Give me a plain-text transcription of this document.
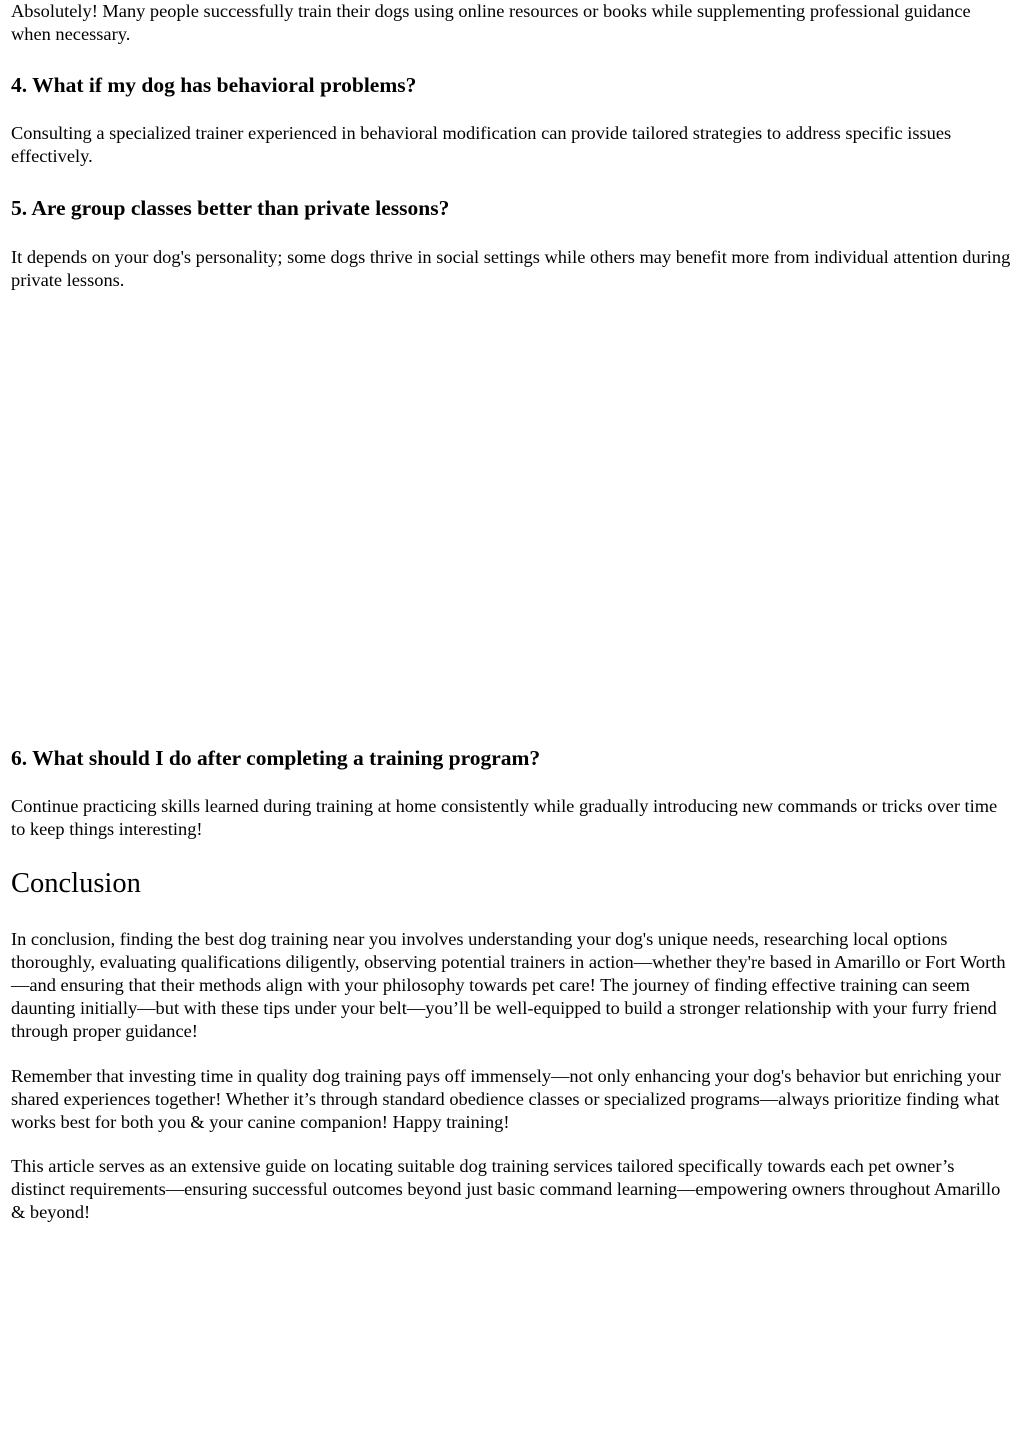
Absolutely! Many people successfully train their dogs using online resources or books while supplementing professional guidance when necessary.

4. What if my dog has behavioral problems?

Consulting a specialized trainer experienced in behavioral modification can provide tailored strategies to address specific issues effectively.

5. Are group classes better than private lessons?

It depends on your dog's personality; some dogs thrive in social settings while others may benefit more from individual attention during private lessons.

6. What should I do after completing a training program?

Continue practicing skills learned during training at home consistently while gradually introducing new commands or tricks over time to keep things interesting!

Conclusion

In conclusion, finding the best dog training near you involves understanding your dog's unique needs, researching local options thoroughly, evaluating qualifications diligently, observing potential trainers in action—whether they're based in Amarillo or Fort Worth—and ensuring that their methods align with your philosophy towards pet care! The journey of finding effective training can seem daunting initially—but with these tips under your belt—you’ll be well-equipped to build a stronger relationship with your furry friend through proper guidance!

Remember that investing time in quality dog training pays off immensely—not only enhancing your dog's behavior but enriching your shared experiences together! Whether it’s through standard obedience classes or specialized programs—always prioritize finding what works best for both you & your canine companion! Happy training!

This article serves as an extensive guide on locating suitable dog training services tailored specifically towards each pet owner’s distinct requirements—ensuring successful outcomes beyond just basic command learning—empowering owners throughout Amarillo & beyond!
